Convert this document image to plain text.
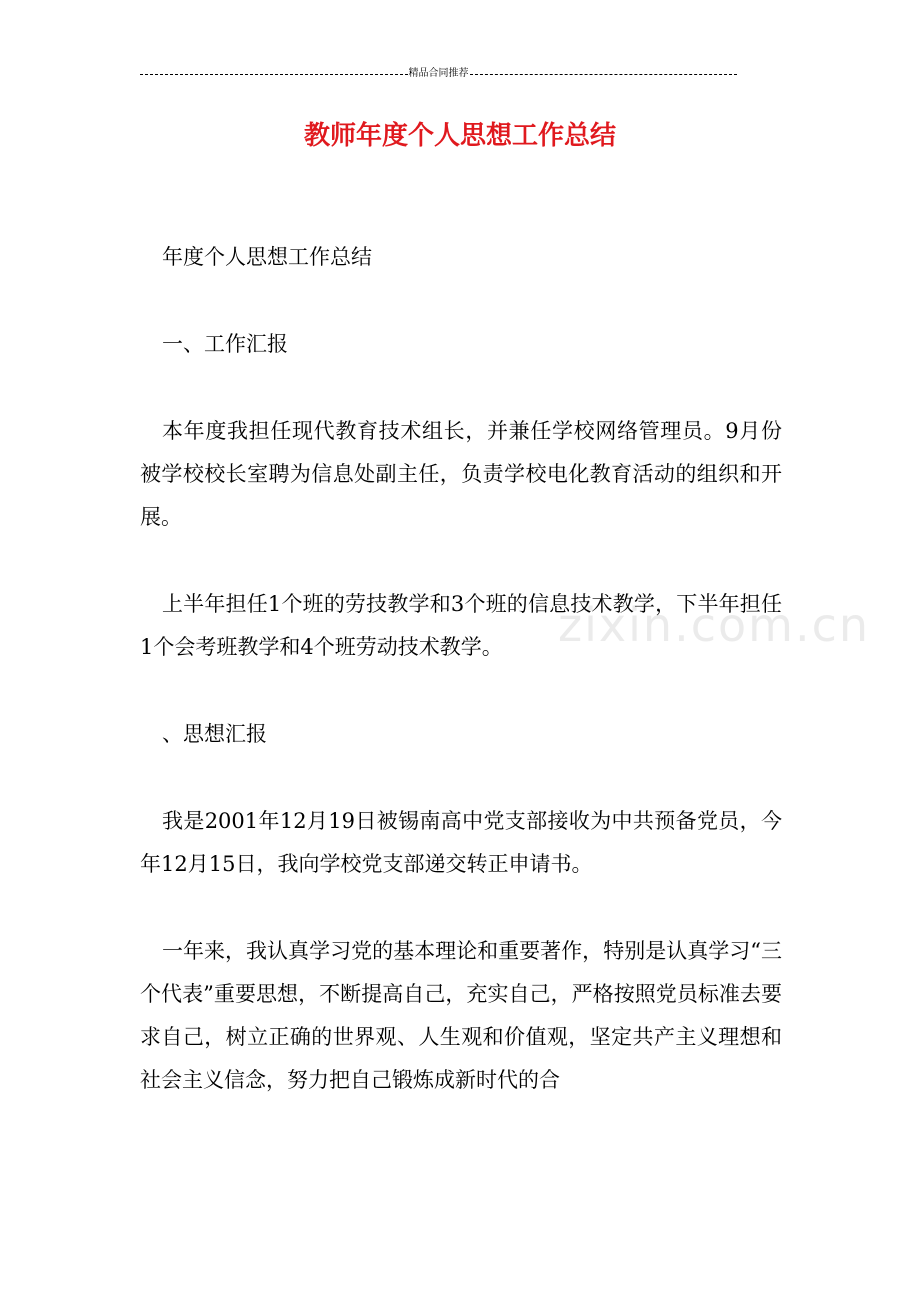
精品合同推荐
教师年度个人思想工作总结
zixin.com.cn

年度个人思想工作总结

一、工作汇报

本年度我担任现代教育技术组长，并兼任学校网络管理员。9月份被学校校长室聘为信息处副主任，负责学校电化教育活动的组织和开展。

上半年担任1个班的劳技教学和3个班的信息技术教学，下半年担任1个会考班教学和4个班劳动技术教学。

、思想汇报

我是2001年12月19日被锡南高中党支部接收为中共预备党员，今年12月15日，我向学校党支部递交转正申请书。

一年来，我认真学习党的基本理论和重要著作，特别是认真学习“三个代表”重要思想，不断提高自己，充实自己，严格按照党员标准去要求自己，树立正确的世界观、人生观和价值观，坚定共产主义理想和社会主义信念，努力把自己锻炼成新时代的合
